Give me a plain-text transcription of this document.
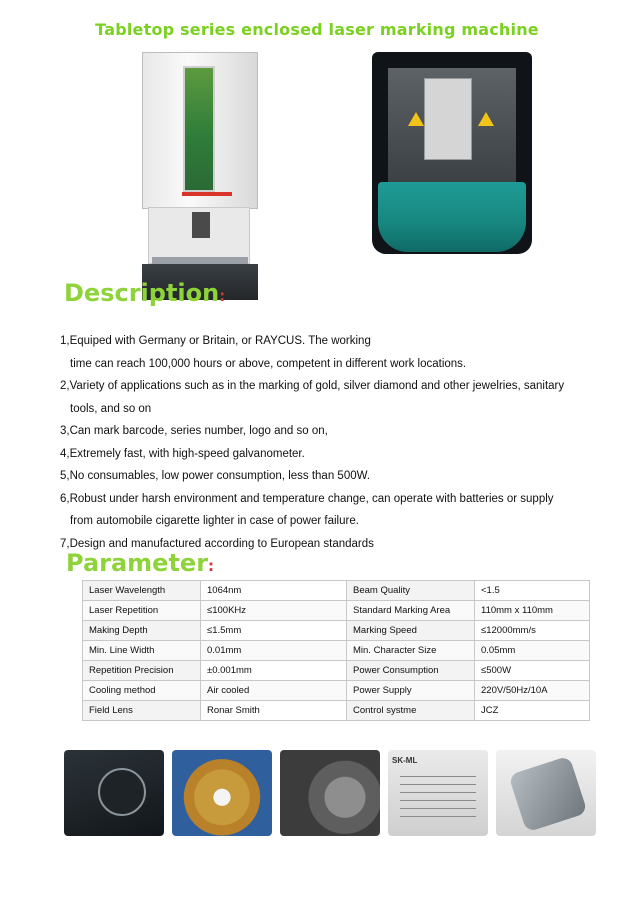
Tabletop series enclosed laser marking machine
Description:
1,Equiped with Germany or Britain, or RAYCUS. The working
time can reach 100,000 hours or above, competent in different work locations.
2,Variety of applications such as in the marking of gold, silver diamond and other jewelries, sanitary
tools, and so on
3,Can mark barcode, series number, logo and so on,
4,Extremely fast, with high-speed galvanometer.
5,No consumables, low power consumption, less than 500W.
6,Robust under harsh environment and temperature change, can operate with batteries or supply
from automobile cigarette lighter in case of power failure.
7,Design and manufactured according to European standards
Parameter:
Laser Wavelength	1064nm	Beam Quality	<1.5
Laser Repetition	≤100KHz	Standard Marking Area	110mm x 110mm
Making Depth	≤1.5mm	Marking Speed	≤12000mm/s
Min. Line Width	0.01mm	Min. Character Size	0.05mm
Repetition Precision	±0.001mm	Power Consumption	≤500W
Cooling method	Air cooled	Power Supply	220V/50Hz/10A
Field Lens	Ronar Smith	Control systme	JCZ
SK-ML
